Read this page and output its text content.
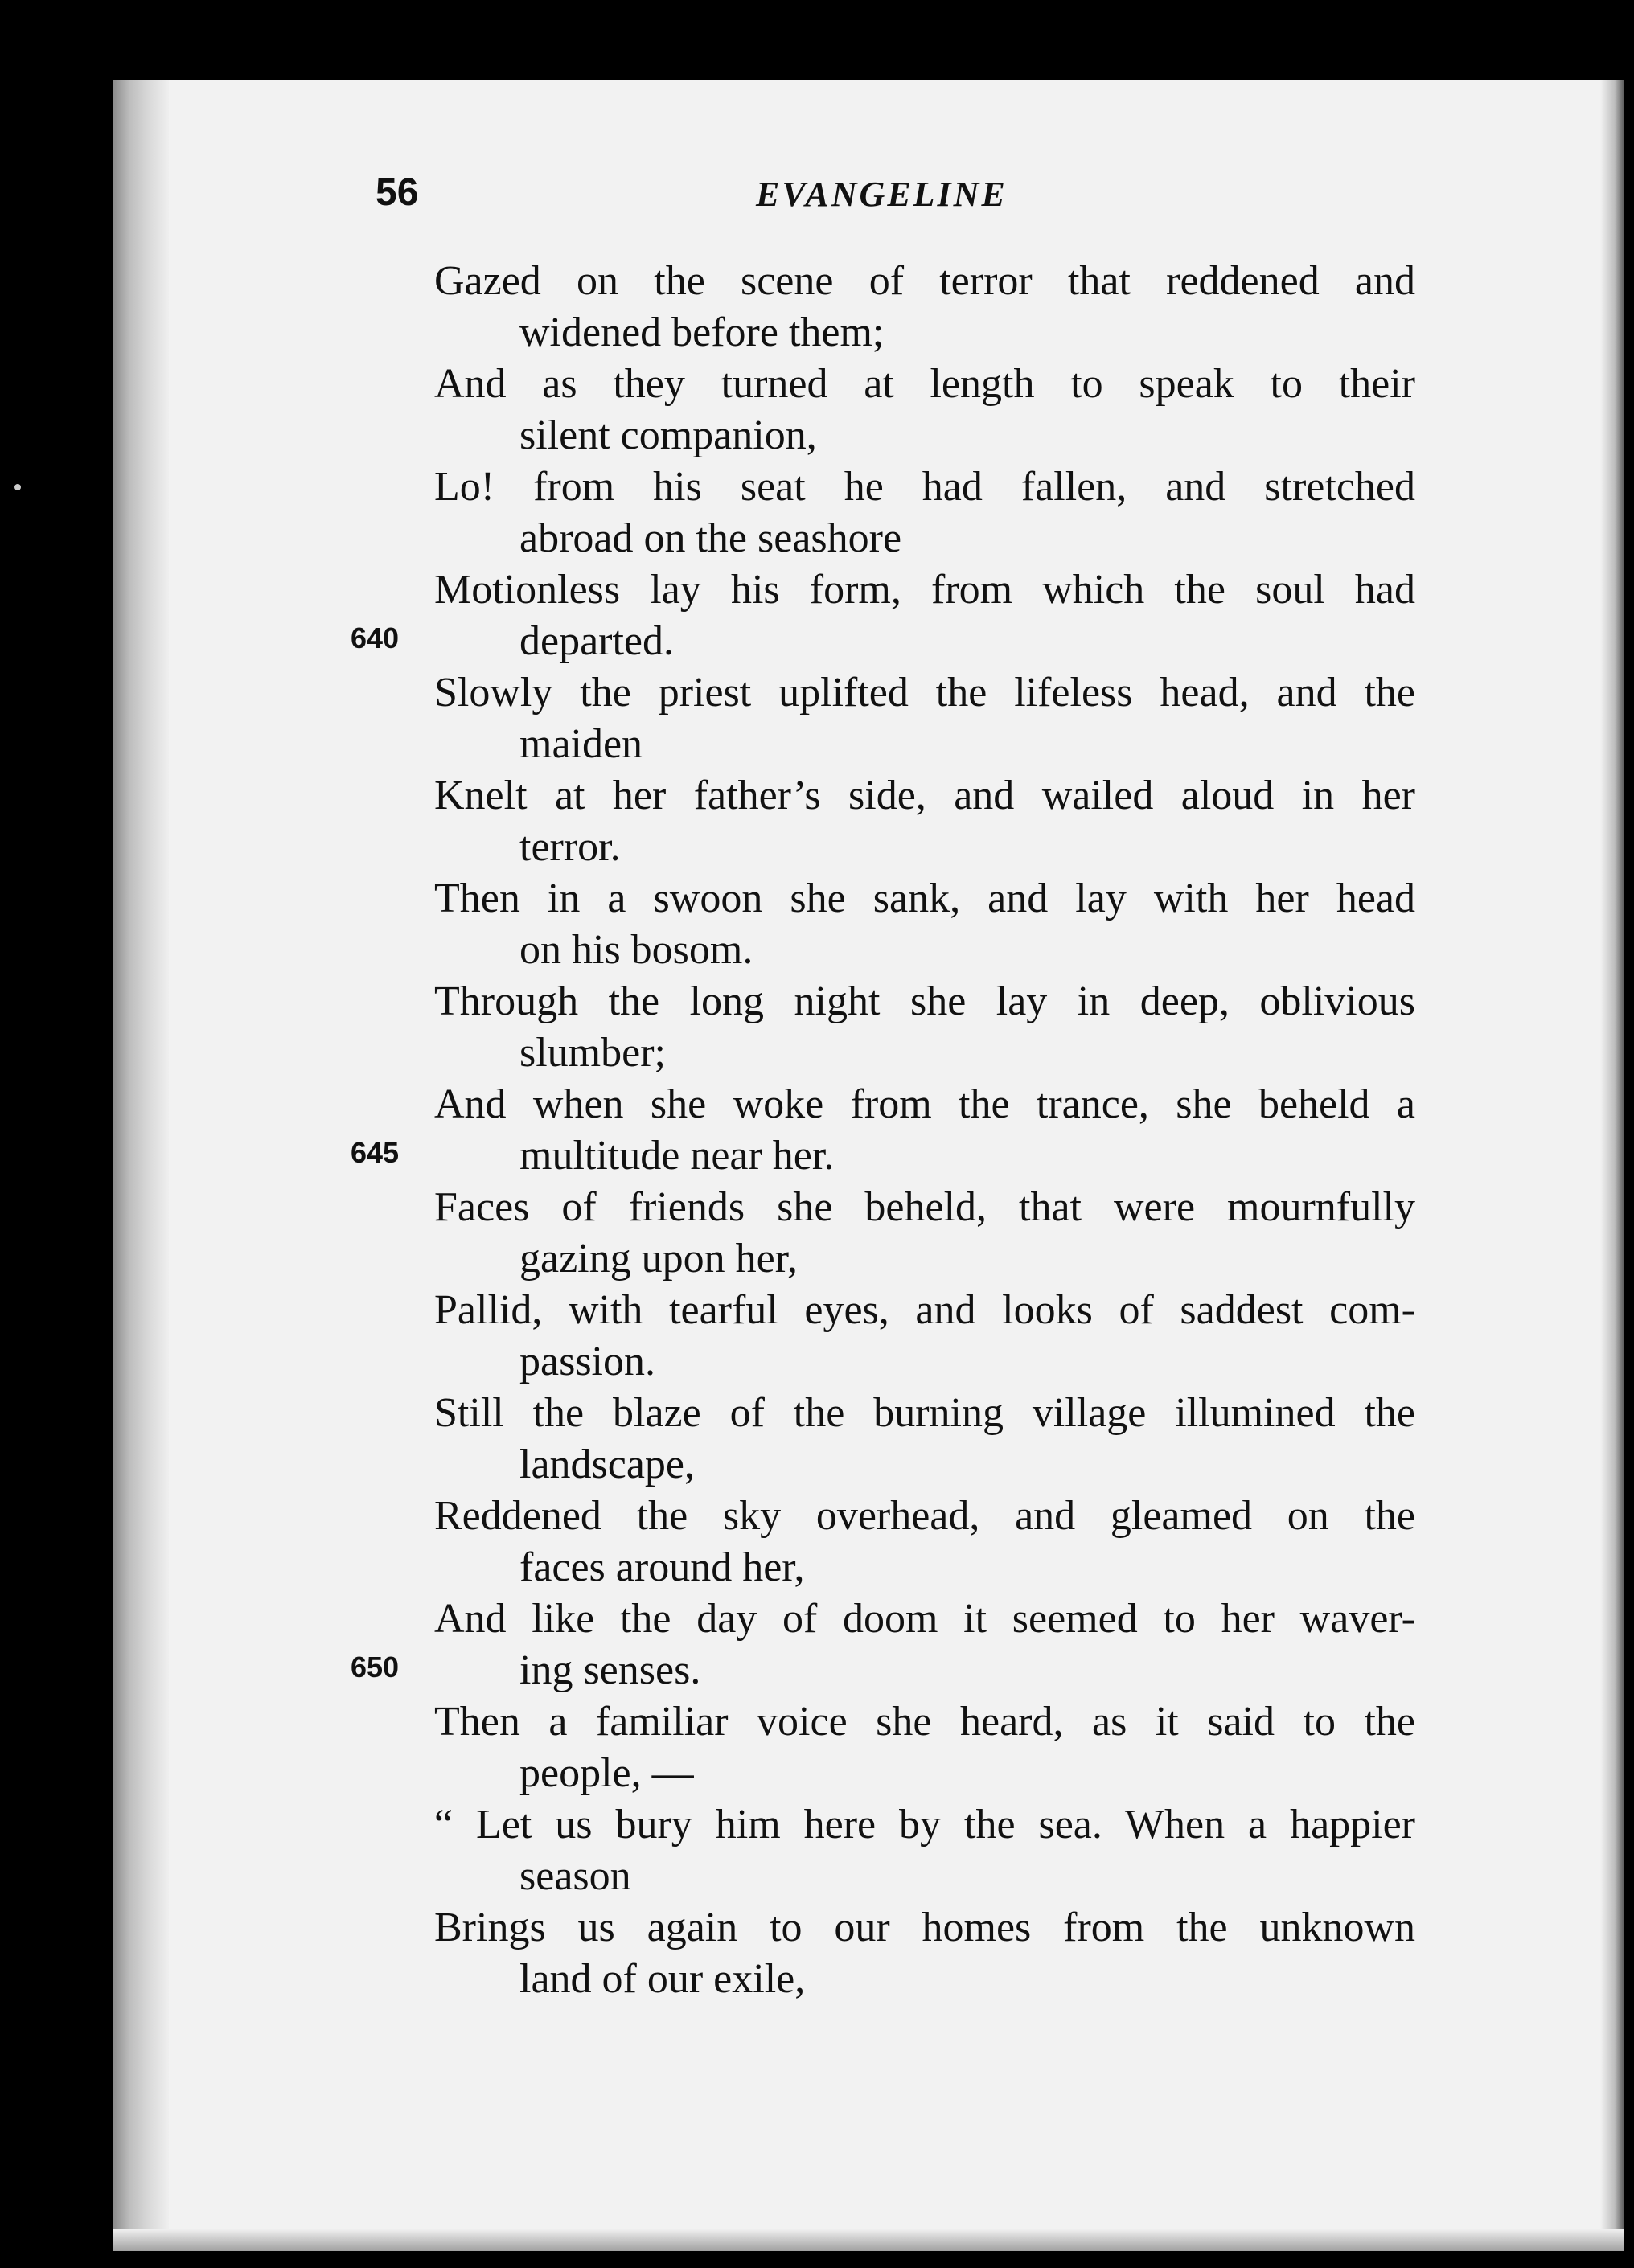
56	EVANGELINE
Gazed on the scene of terror that reddened and
widened before them;
And as they turned at length to speak to their
silent companion,
Lo! from his seat he had fallen, and stretched
abroad on the seashore
Motionless lay his form, from which the soul had
departed.
640
Slowly the priest uplifted the lifeless head, and the
maiden
Knelt at her father’s side, and wailed aloud in her
terror.
Then in a swoon she sank, and lay with her head
on his bosom.
Through the long night she lay in deep, oblivious
slumber;
And when she woke from the trance, she beheld a
multitude near her.
645
Faces of friends she beheld, that were mournfully
gazing upon her,
Pallid, with tearful eyes, and looks of saddest com-
passion.
Still the blaze of the burning village illumined the
landscape,
Reddened the sky overhead, and gleamed on the
faces around her,
And like the day of doom it seemed to her waver-
ing senses.
650
Then a familiar voice she heard, as it said to the
people, —
“ Let us bury him here by the sea. When a happier
season
Brings us again to our homes from the unknown
land of our exile,
